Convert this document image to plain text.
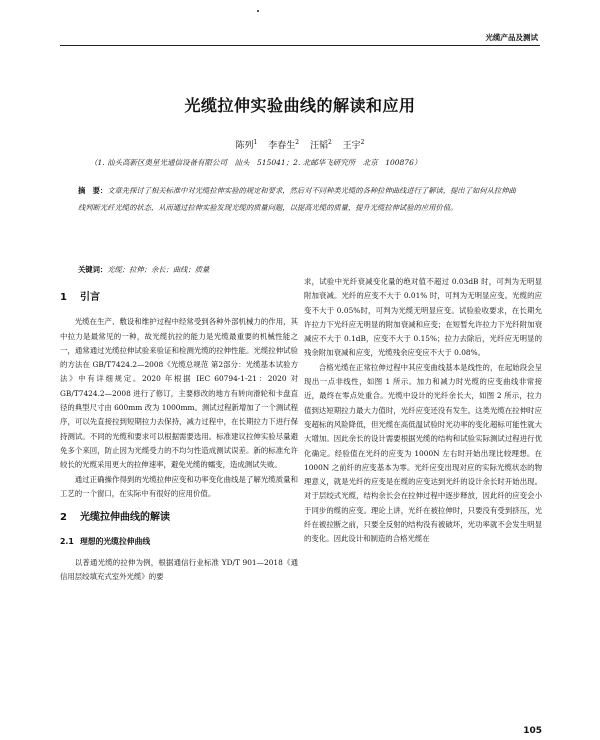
光缆产品及测试
光缆拉伸实验曲线的解读和应用
陈列$^1$ 李春生$^2$ 汪韬$^2$ 王宇$^2$
（1. 汕头高新区奥星光通信设备有限公司　汕头　515041；2. 北邮华飞研究所　北京　100876）
摘　要：文章先探讨了相关标准中对光缆拉伸实验的规定和要求，然后对不同种类光缆的各种拉伸曲线进行了解读，提出了如何从拉伸曲线判断光纤光缆的状态，从而通过拉伸实验发现光缆的质量问题，以提高光缆的质量，提升光缆拉伸试验的应用价值。
关键词：光缆；拉伸；余长；曲线；质量
1 引言

光缆在生产、敷设和维护过程中经常受到各种外部机械力的作用，其中拉力是最常见的一种，故光缆抗拉的能力是光缆最重要的机械性能之一，通常通过光缆拉伸试验来验证和检测光缆的拉伸性能。光缆拉伸试验的方法在 GB/T7424.2—2008《光缆总规范 第2部分：光缆基本试验方法》中有详细规定。2020 年根据 IEC 60794-1-21：2020 对 GB/T7424.2—2008 进行了修订，主要修改的地方有转向滑轮和卡盘直径的典型尺寸由 600mm 改为 1000mm。测试过程新增加了一个测试程序，可以先直接拉到短期拉力去保持，减力过程中，在长期拉力下进行保持测试。不同的光缆和要求可以根据需要选用。标准建议拉伸实验尽量避免多个来回，防止因为光缆受力的不均匀性造成测试误差。新的标准允许较长的光缆采用更大的拉伸速率，避免光缆的蠕变，造成测试失败。

通过正确操作得到的光缆拉伸应变和功率变化曲线是了解光缆质量和工艺的一个窗口，在实际中有很好的应用价值。

2 光缆拉伸曲线的解读
2.1 理想的光缆拉伸曲线

以普通光缆的拉伸为例，根据通信行业标准 YD/T 901—2018《通信用层绞填充式室外光缆》的要

求，试验中光纤衰减变化量的绝对值不超过 0.03dB 时，可判为无明显附加衰减。光纤的应变不大于 0.01% 时，可判为无明显应变。光缆的应变不大于 0.05%时，可判为光缆无明显应变。试验验收要求，在长期允许拉力下光纤应无明显的附加衰减和应变；在短暂允许拉力下光纤附加衰减应不大于 0.1dB，应变不大于 0.15%；拉力去除后，光纤应无明显的残余附加衰减和应变，光缆残余应变应不大于 0.08%。

合格光缆在正常拉伸过程中其应变曲线基本是线性的，在起始段会呈现出一点非线性，如图 1 所示。加力和减力时光缆的应变曲线非常接近，最终在零点处重合。光缆中设计的光纤余长大，如图 2 所示，拉力值到达短期拉力最大力值时，光纤应变还没有发生。这类光缆在拉伸时应变超标的风险降低，但光缆在高低温试验时光功率的变化超标可能性就大大增加。因此余长的设计需要根据光缆的结构和试验实际测试过程进行优化确定。经验值在光纤的应变为 1000N 左右时开始出现比较理想。在 1000N 之前纤的应变基本为零。光纤应变出现对应的实际光缆状态的物理意义，就是光纤的应变是在缆的应变达到光纤的设计余长时开始出现。对于层绞式光缆，结构余长会在拉伸过程中逐步释放，因此纤的应变会小于同步的缆的应变。理论上讲，光纤在被拉伸时，只要没有受到挤压，光纤在被拉断之前，只要全反射的结构没有被破坏，光功率就不会发生明显的变化。因此设计和制造的合格光缆在

105
